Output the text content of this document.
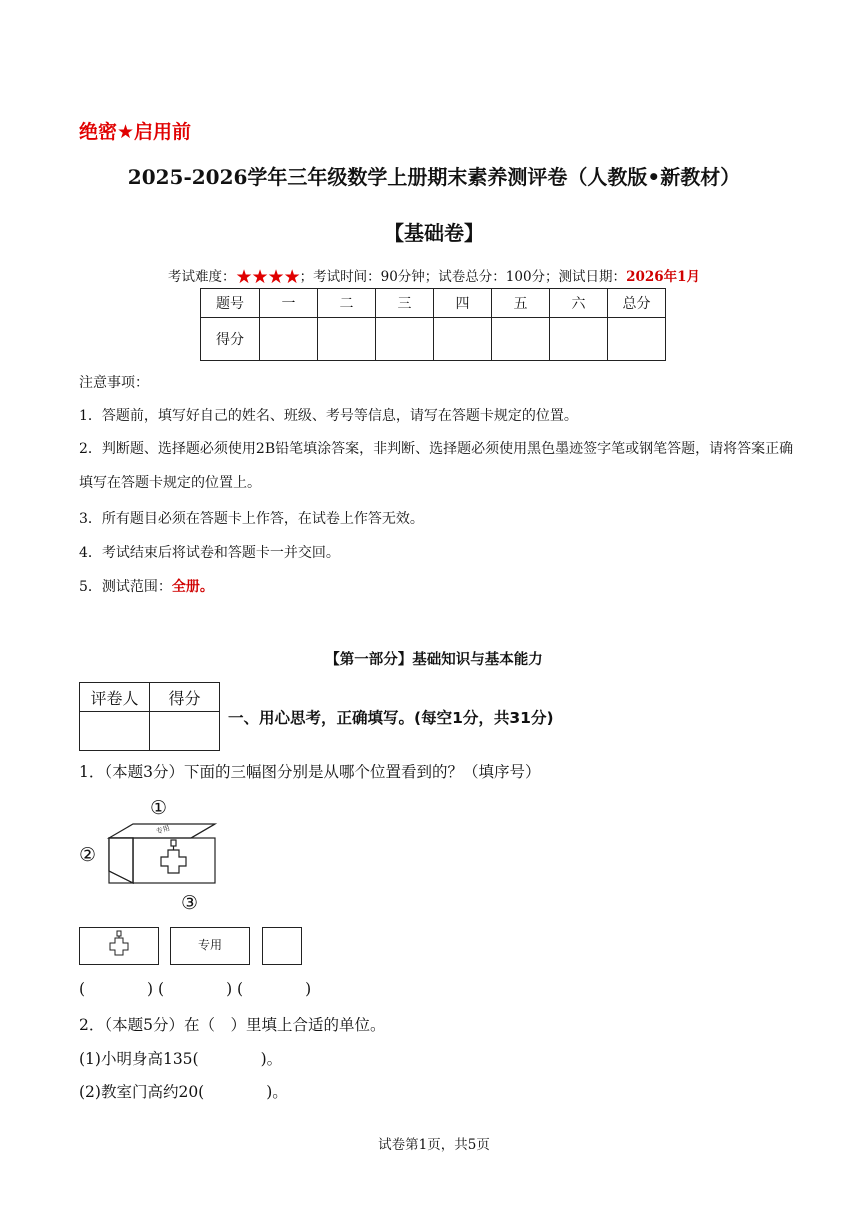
绝密★启用前
2025-2026学年三年级数学上册期末素养测评卷（人教版•新教材）
【基础卷】
考试难度：★★★★；考试时间：90分钟；试卷总分：100分；测试日期：2026年1月
题号	一	二	三	四	五	六	总分
得分							
注意事项：
1．答题前，填写好自己的姓名、班级、考号等信息，请写在答题卡规定的位置。
2．判断题、选择题必须使用2B铅笔填涂答案，非判断、选择题必须使用黑色墨迹签字笔或钢笔答题，请将答案正确填写在答题卡规定的位置上。
3．所有题目必须在答题卡上作答，在试卷上作答无效。
4．考试结束后将试卷和答题卡一并交回。
5．测试范围：全册。
【第一部分】基础知识与基本能力
评卷人	得分

一、用心思考，正确填写。(每空1分，共31分)
1．（本题3分）下面的三幅图分别是从哪个位置看到的？（填序号）
①
②
③
专用
专用
(　　　　) (　　　　) (　　　　)
2．（本题5分）在（　）里填上合适的单位。
(1)小明身高135(　　　　)。
(2)教室门高约20(　　　　)。
试卷第1页，共5页
